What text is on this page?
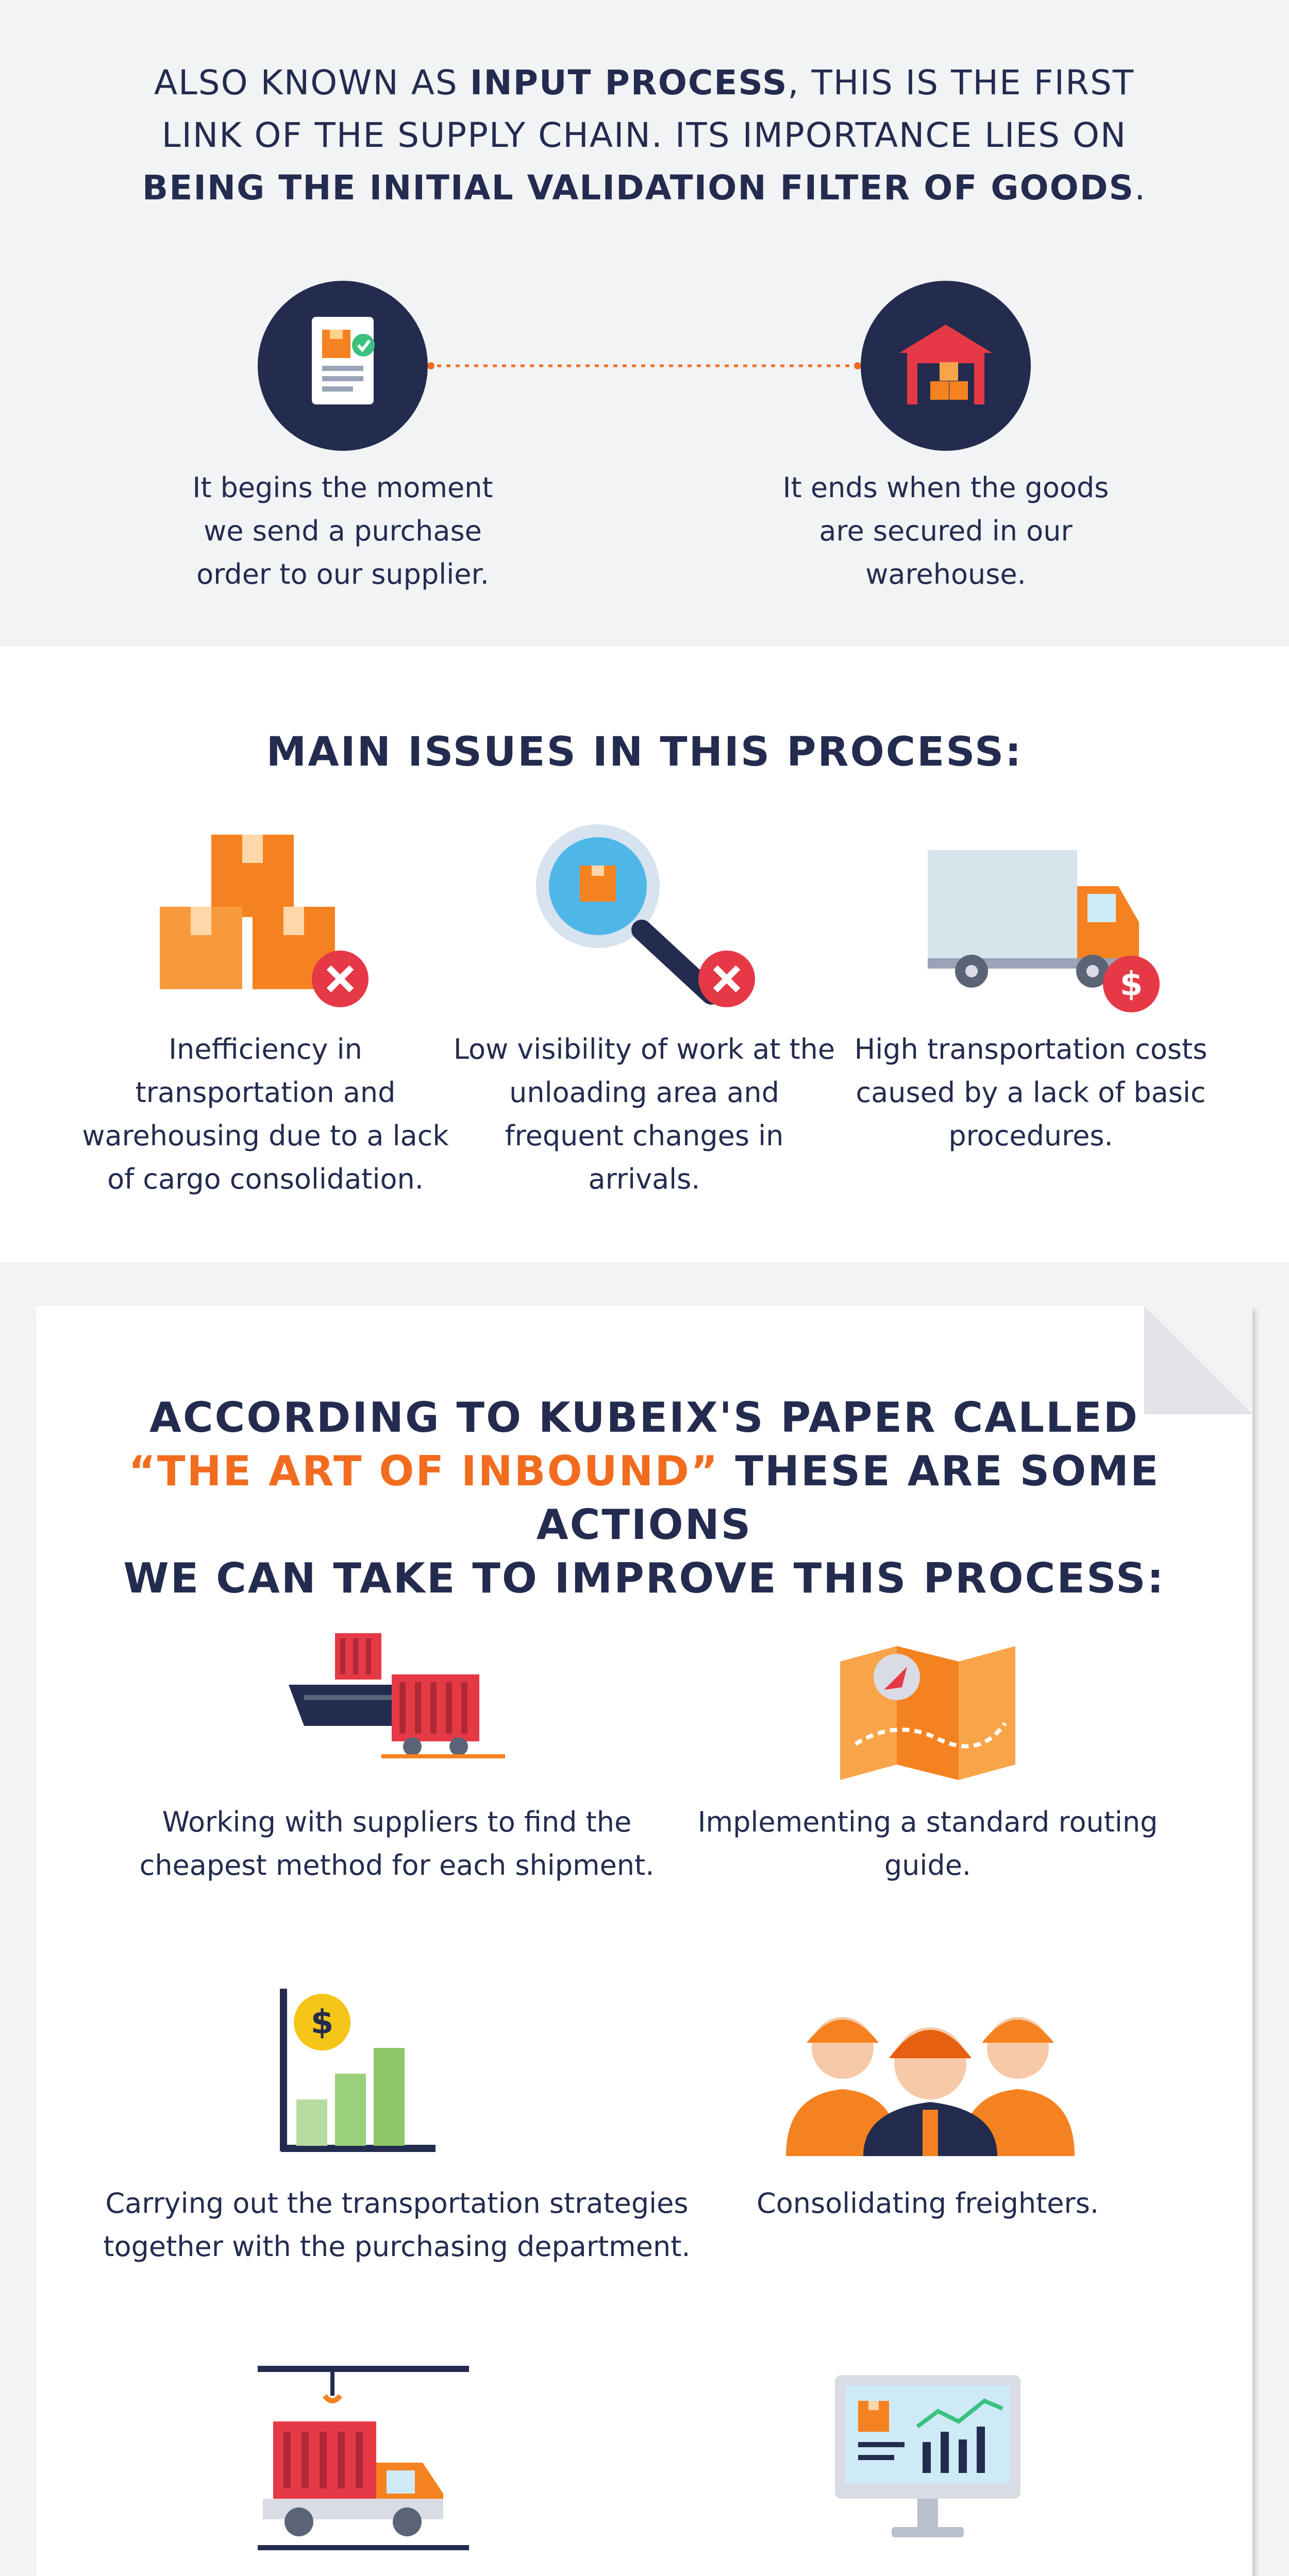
ALSO KNOWN AS INPUT PROCESS, THIS IS THE FIRST
LINK OF THE SUPPLY CHAIN. ITS IMPORTANCE LIES ON
BEING THE INITIAL VALIDATION FILTER OF GOODS.
It begins the moment we send a purchase order to our supplier.
It ends when the goods are secured in our warehouse.
MAIN ISSUES IN THIS PROCESS:
$
Inefficiency in transportation and warehousing due to a lack of cargo consolidation.
Low visibility of work at the unloading area and frequent changes in arrivals.
High transportation costs caused by a lack of basic procedures.
ACCORDING TO KUBEIX'S PAPER CALLED
“THE ART OF INBOUND” THESE ARE SOME ACTIONS
WE CAN TAKE TO IMPROVE THIS PROCESS:
Working with suppliers to find the cheapest method for each shipment.
Implementing a standard routing guide.
$
Carrying out the transportation strategies together with the purchasing department.
Consolidating freighters.
